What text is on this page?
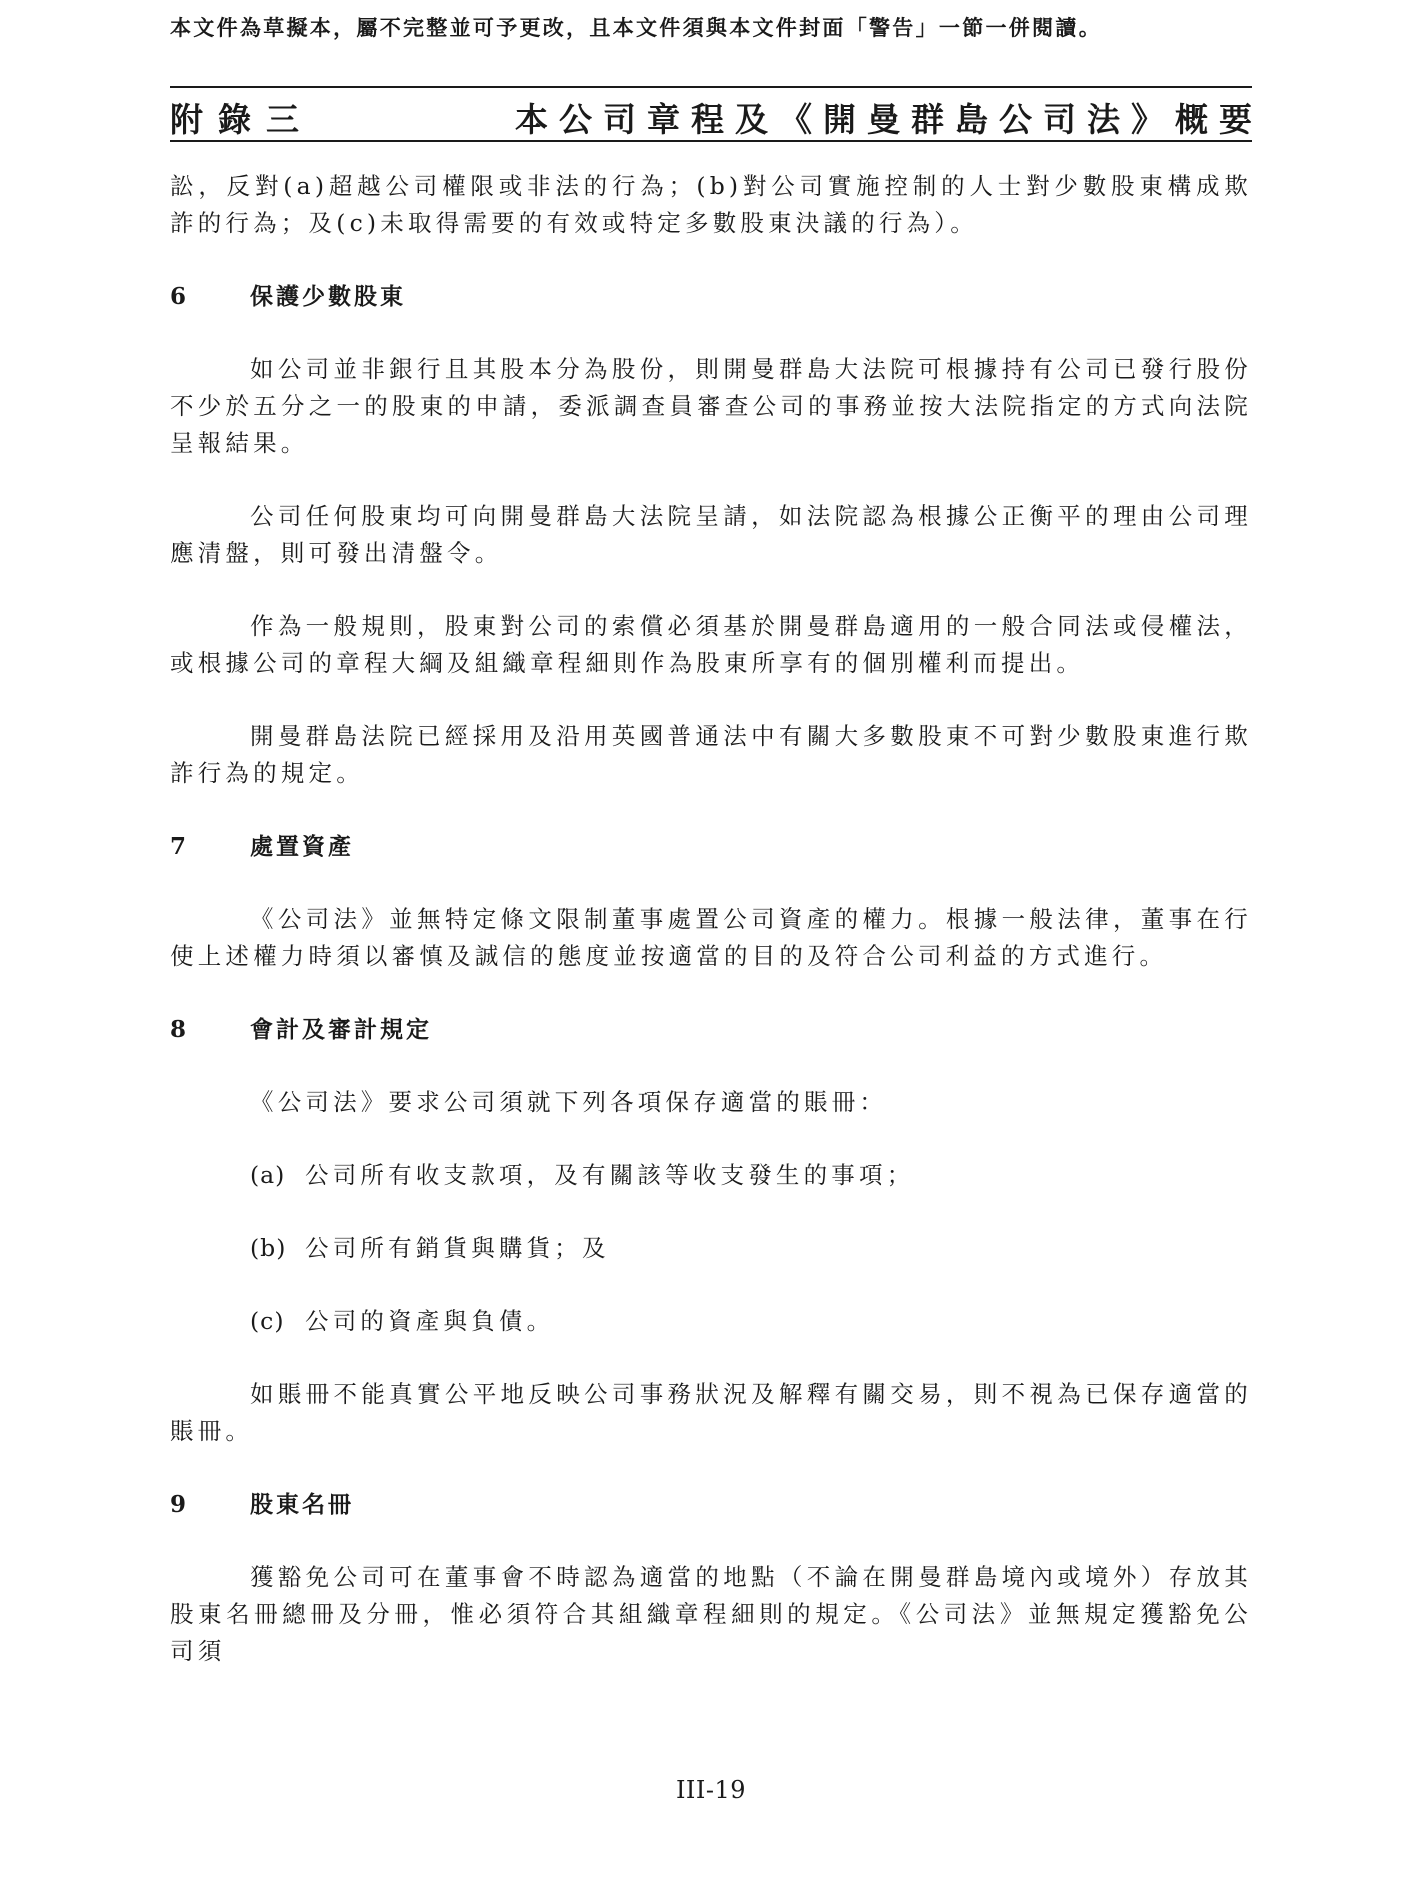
本文件為草擬本，屬不完整並可予更改，且本文件須與本文件封面「警告」一節一併閱讀。
附錄三	本公司章程及《開曼群島公司法》概要

訟，反對(a)超越公司權限或非法的行為；(b)對公司實施控制的人士對少數股東構成欺詐的行為；及(c)未取得需要的有效或特定多數股東決議的行為）。

6	保護少數股東

如公司並非銀行且其股本分為股份，則開曼群島大法院可根據持有公司已發行股份不少於五分之一的股東的申請，委派調查員審查公司的事務並按大法院指定的方式向法院呈報結果。

公司任何股東均可向開曼群島大法院呈請，如法院認為根據公正衡平的理由公司理應清盤，則可發出清盤令。

作為一般規則，股東對公司的索償必須基於開曼群島適用的一般合同法或侵權法，或根據公司的章程大綱及組織章程細則作為股東所享有的個別權利而提出。

開曼群島法院已經採用及沿用英國普通法中有關大多數股東不可對少數股東進行欺詐行為的規定。

7	處置資產

《公司法》並無特定條文限制董事處置公司資產的權力。根據一般法律，董事在行使上述權力時須以審慎及誠信的態度並按適當的目的及符合公司利益的方式進行。

8	會計及審計規定

《公司法》要求公司須就下列各項保存適當的賬冊：

(a) 公司所有收支款項，及有關該等收支發生的事項；
(b) 公司所有銷貨與購貨；及
(c) 公司的資產與負債。

如賬冊不能真實公平地反映公司事務狀況及解釋有關交易，則不視為已保存適當的賬冊。

9	股東名冊

獲豁免公司可在董事會不時認為適當的地點（不論在開曼群島境內或境外）存放其股東名冊總冊及分冊，惟必須符合其組織章程細則的規定。《公司法》並無規定獲豁免公司須

III-19
